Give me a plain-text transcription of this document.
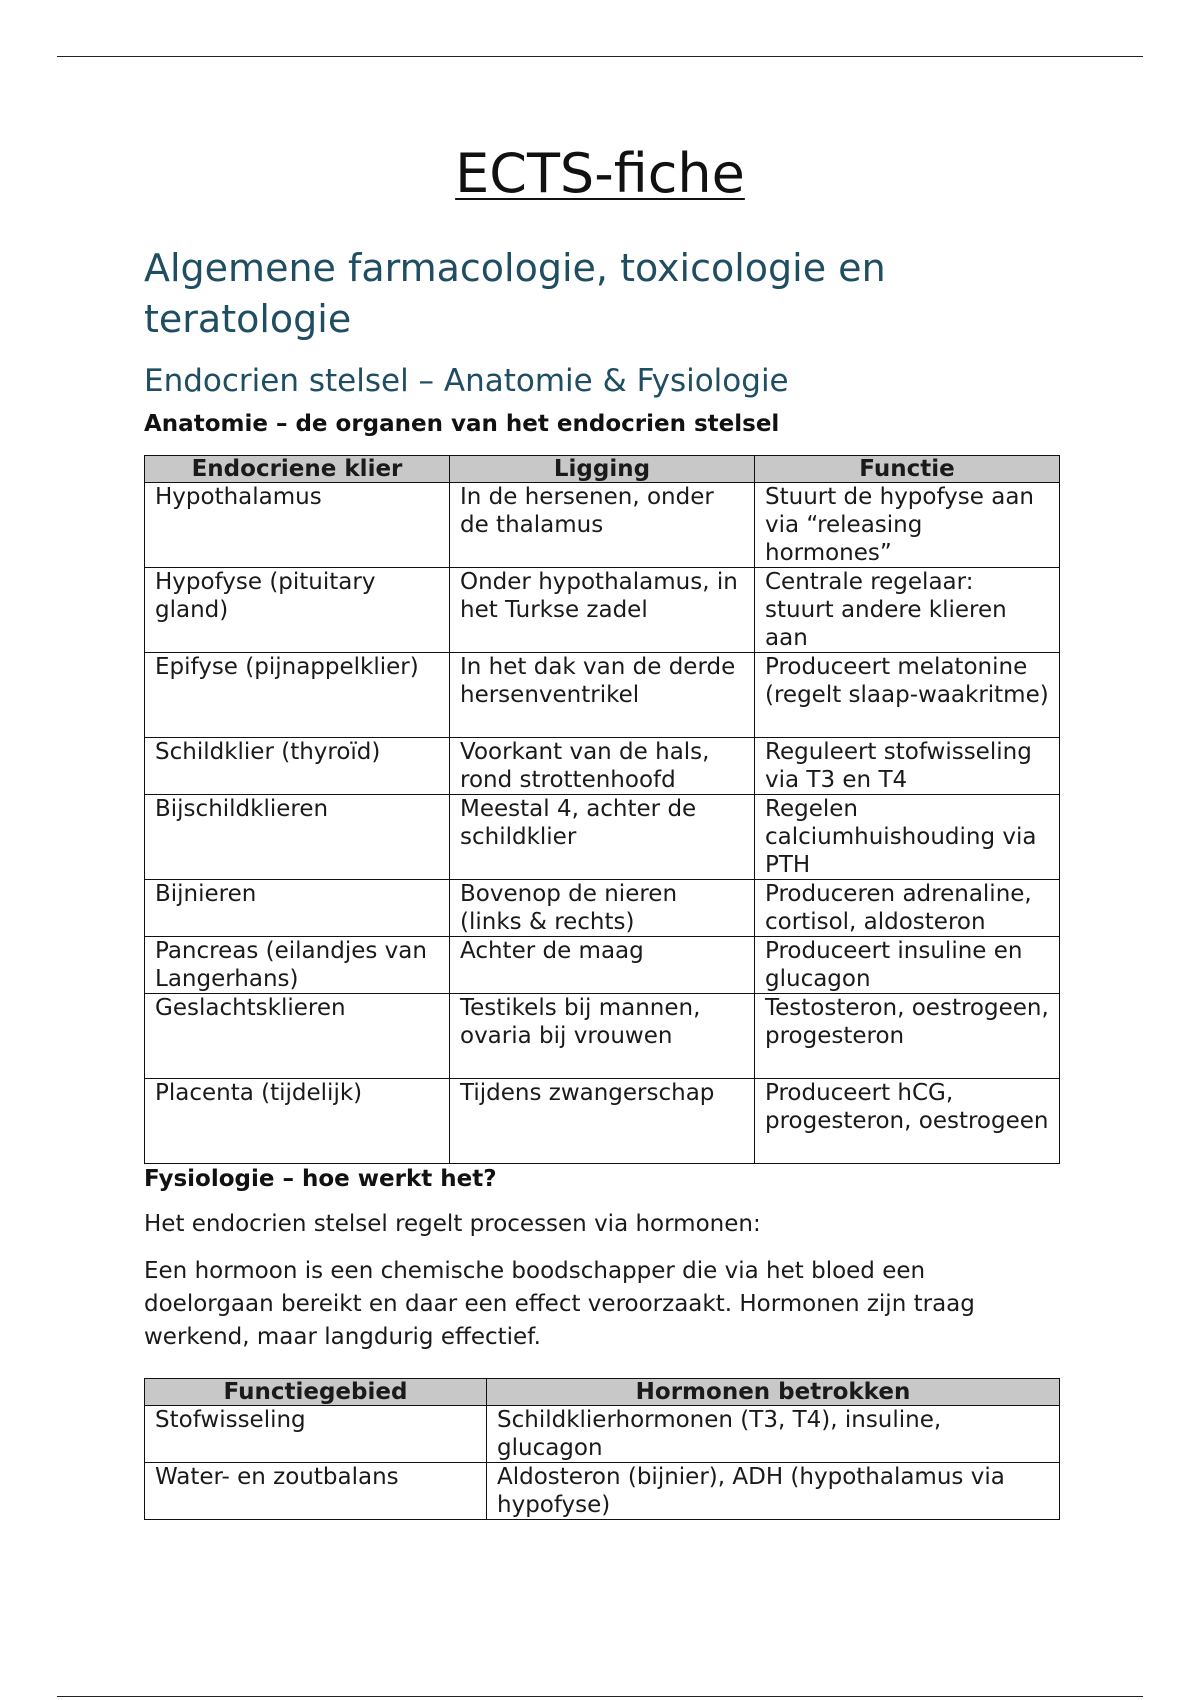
ECTS-fiche
Algemene farmacologie, toxicologie en teratologie
Endocrien stelsel – Anatomie & Fysiologie
Anatomie – de organen van het endocrien stelsel
Endocriene klier	Ligging	Functie
Hypothalamus	In de hersenen, onder de thalamus	Stuurt de hypofyse aan via “releasing hormones”
Hypofyse (pituitary gland)	Onder hypothalamus, in het Turkse zadel	Centrale regelaar: stuurt andere klieren aan
Epifyse (pijnappelklier)	In het dak van de derde hersenventrikel	Produceert melatonine (regelt slaap-waakritme)
Schildklier (thyroïd)	Voorkant van de hals, rond strottenhoofd	Reguleert stofwisseling via T3 en T4
Bijschildklieren	Meestal 4, achter de schildklier	Regelen calciumhuishouding via PTH
Bijnieren	Bovenop de nieren (links & rechts)	Produceren adrenaline, cortisol, aldosteron
Pancreas (eilandjes van Langerhans)	Achter de maag	Produceert insuline en glucagon
Geslachtsklieren	Testikels bij mannen, ovaria bij vrouwen	Testosteron, oestrogeen, progesteron
Placenta (tijdelijk)	Tijdens zwangerschap	Produceert hCG, progesteron, oestrogeen
Fysiologie – hoe werkt het?

Het endocrien stelsel regelt processen via hormonen:

Een hormoon is een chemische boodschapper die via het bloed een doelorgaan bereikt en daar een effect veroorzaakt. Hormonen zijn traag werkend, maar langdurig effectief.

Functiegebied	Hormonen betrokken
Stofwisseling	Schildklierhormonen (T3, T4), insuline, glucagon
Water- en zoutbalans	Aldosteron (bijnier), ADH (hypothalamus via hypofyse)
